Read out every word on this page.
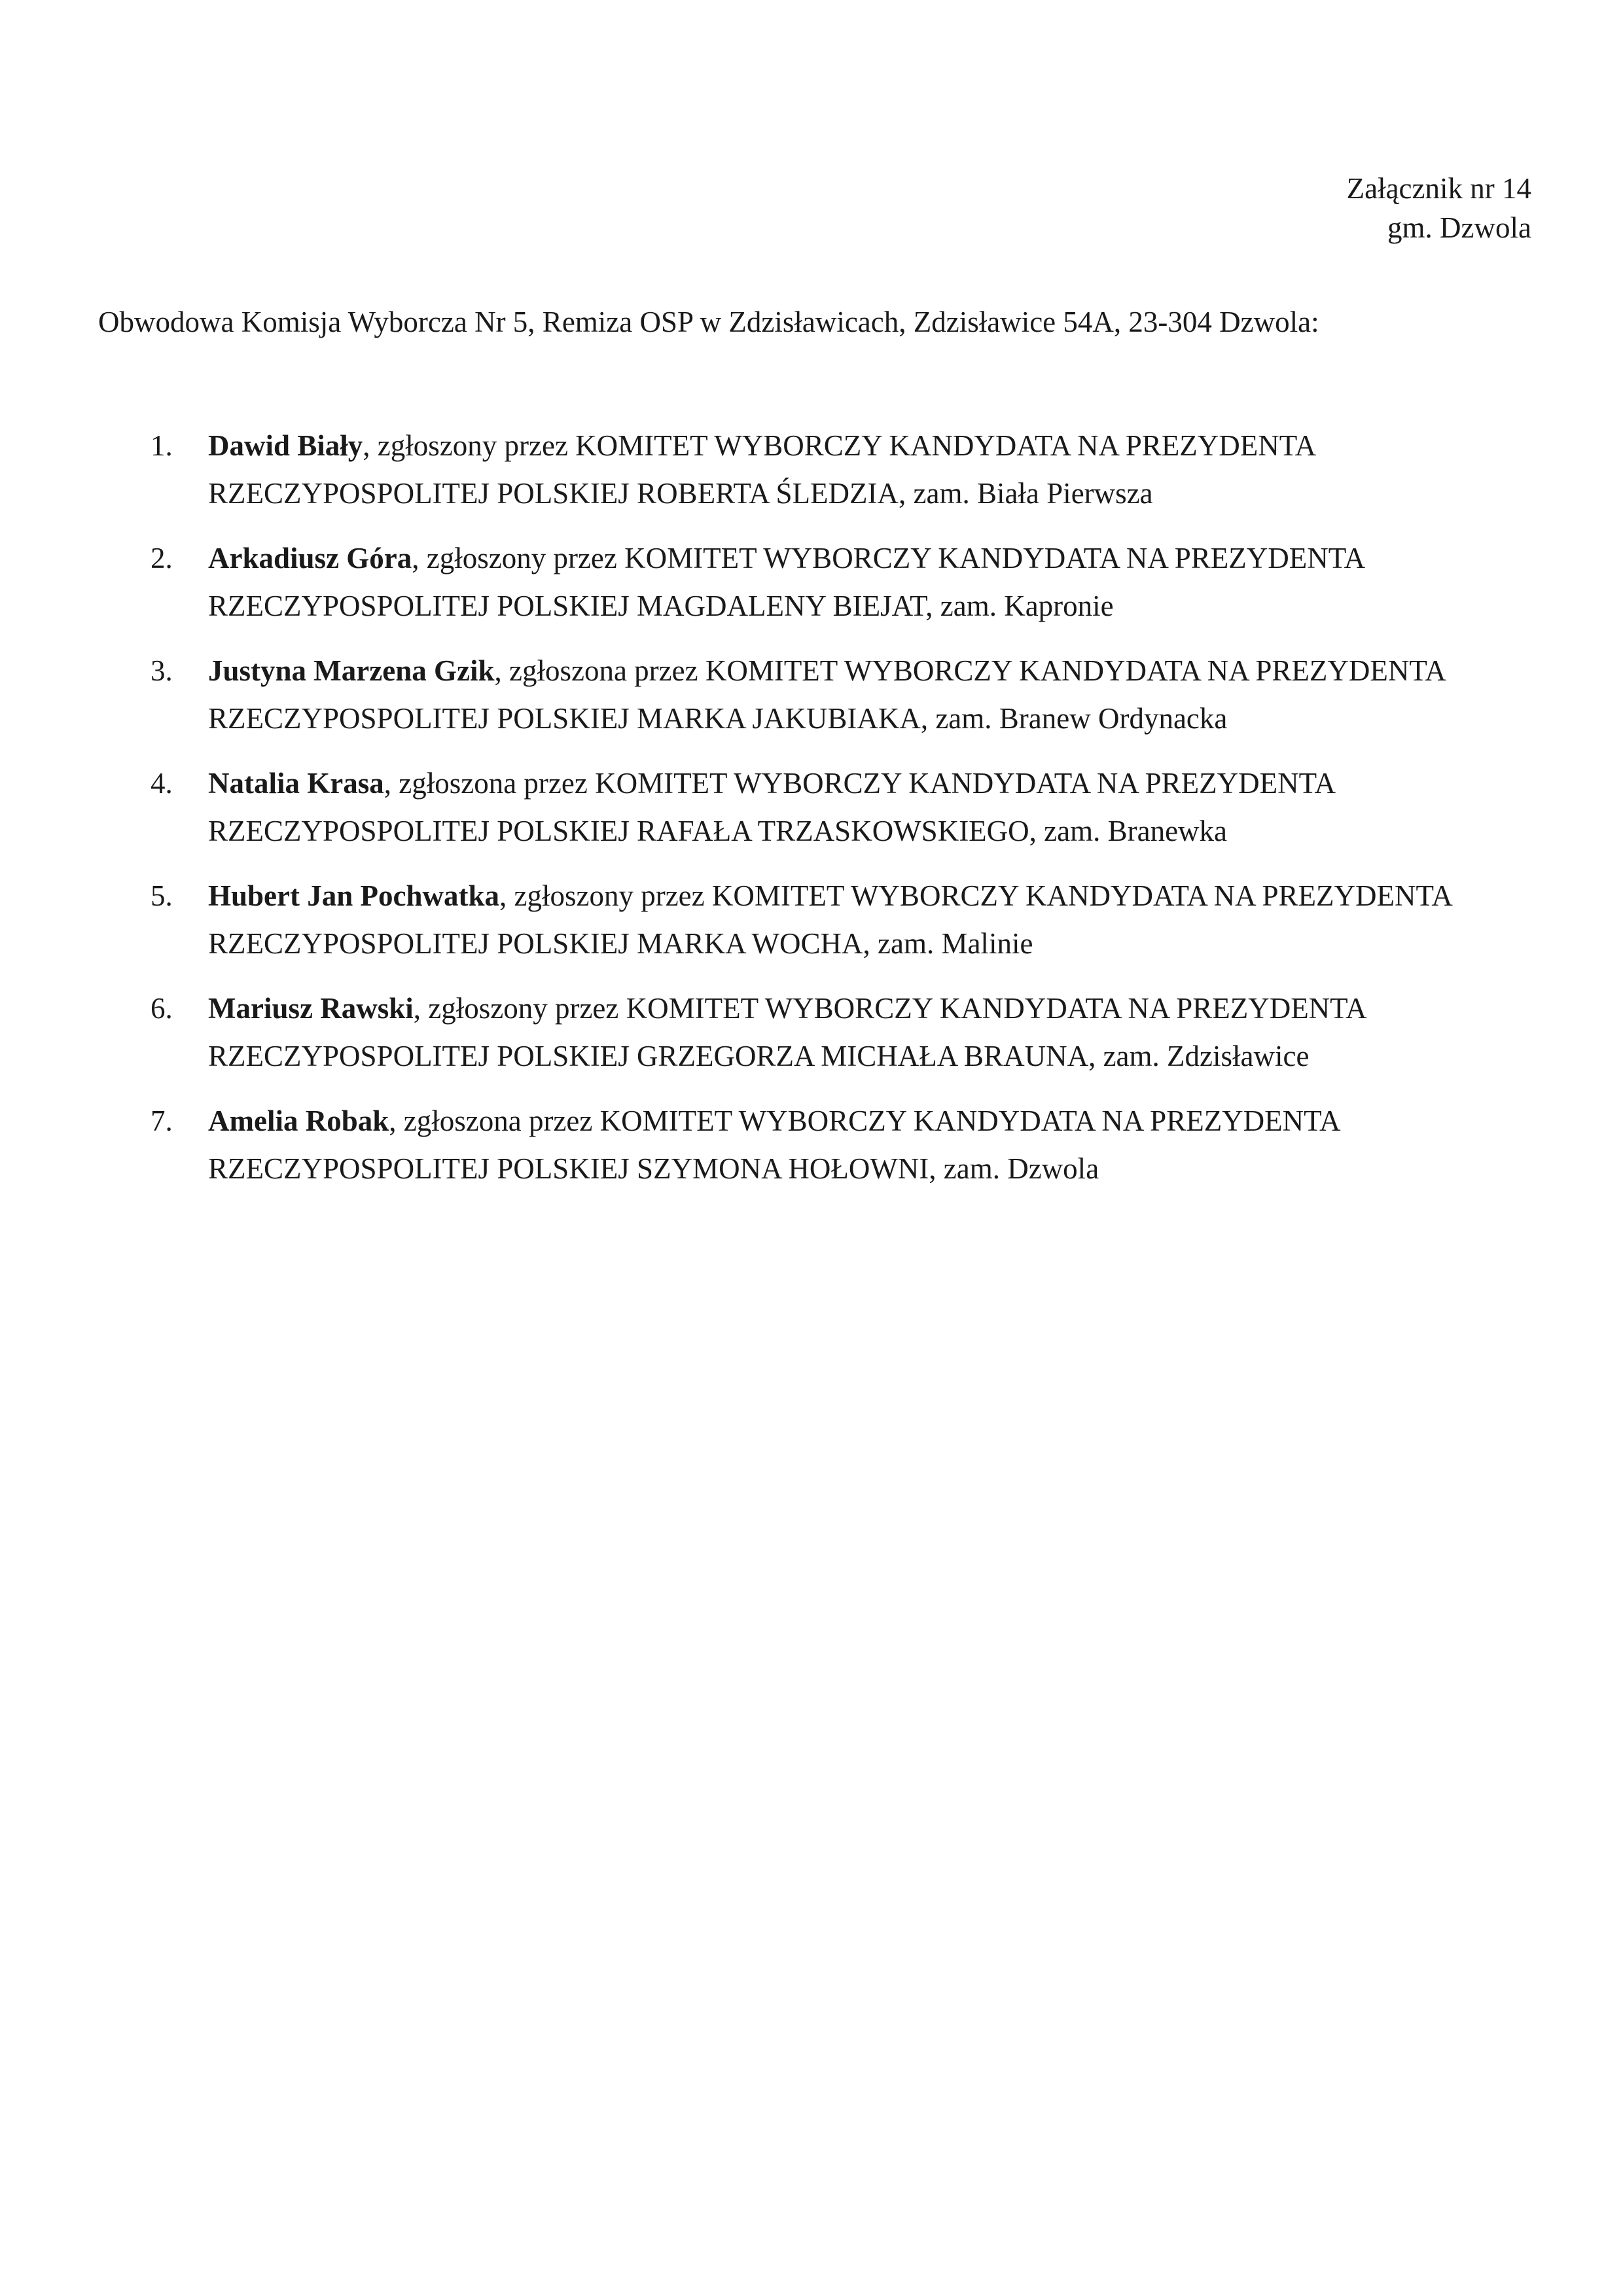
Załącznik nr 14
gm. Dzwola
Obwodowa Komisja Wyborcza Nr 5, Remiza OSP w Zdzisławicach, Zdzisławice 54A, 23-304 Dzwola:
1. Dawid Biały, zgłoszony przez KOMITET WYBORCZY KANDYDATA NA PREZYDENTA RZECZYPOSPOLITEJ POLSKIEJ ROBERTA ŚLEDZIA, zam. Biała Pierwsza
2. Arkadiusz Góra, zgłoszony przez KOMITET WYBORCZY KANDYDATA NA PREZYDENTA RZECZYPOSPOLITEJ POLSKIEJ MAGDALENY BIEJAT, zam. Kapronie
3. Justyna Marzena Gzik, zgłoszona przez KOMITET WYBORCZY KANDYDATA NA PREZYDENTA RZECZYPOSPOLITEJ POLSKIEJ MARKA JAKUBIAKA, zam. Branew Ordynacka
4. Natalia Krasa, zgłoszona przez KOMITET WYBORCZY KANDYDATA NA PREZYDENTA RZECZYPOSPOLITEJ POLSKIEJ RAFAŁA TRZASKOWSKIEGO, zam. Branewka
5. Hubert Jan Pochwatka, zgłoszony przez KOMITET WYBORCZY KANDYDATA NA PREZYDENTA RZECZYPOSPOLITEJ POLSKIEJ MARKA WOCHA, zam. Malinie
6. Mariusz Rawski, zgłoszony przez KOMITET WYBORCZY KANDYDATA NA PREZYDENTA RZECZYPOSPOLITEJ POLSKIEJ GRZEGORZA MICHAŁA BRAUNA, zam. Zdzisławice
7. Amelia Robak, zgłoszona przez KOMITET WYBORCZY KANDYDATA NA PREZYDENTA RZECZYPOSPOLITEJ POLSKIEJ SZYMONA HOŁOWNI, zam. Dzwola
